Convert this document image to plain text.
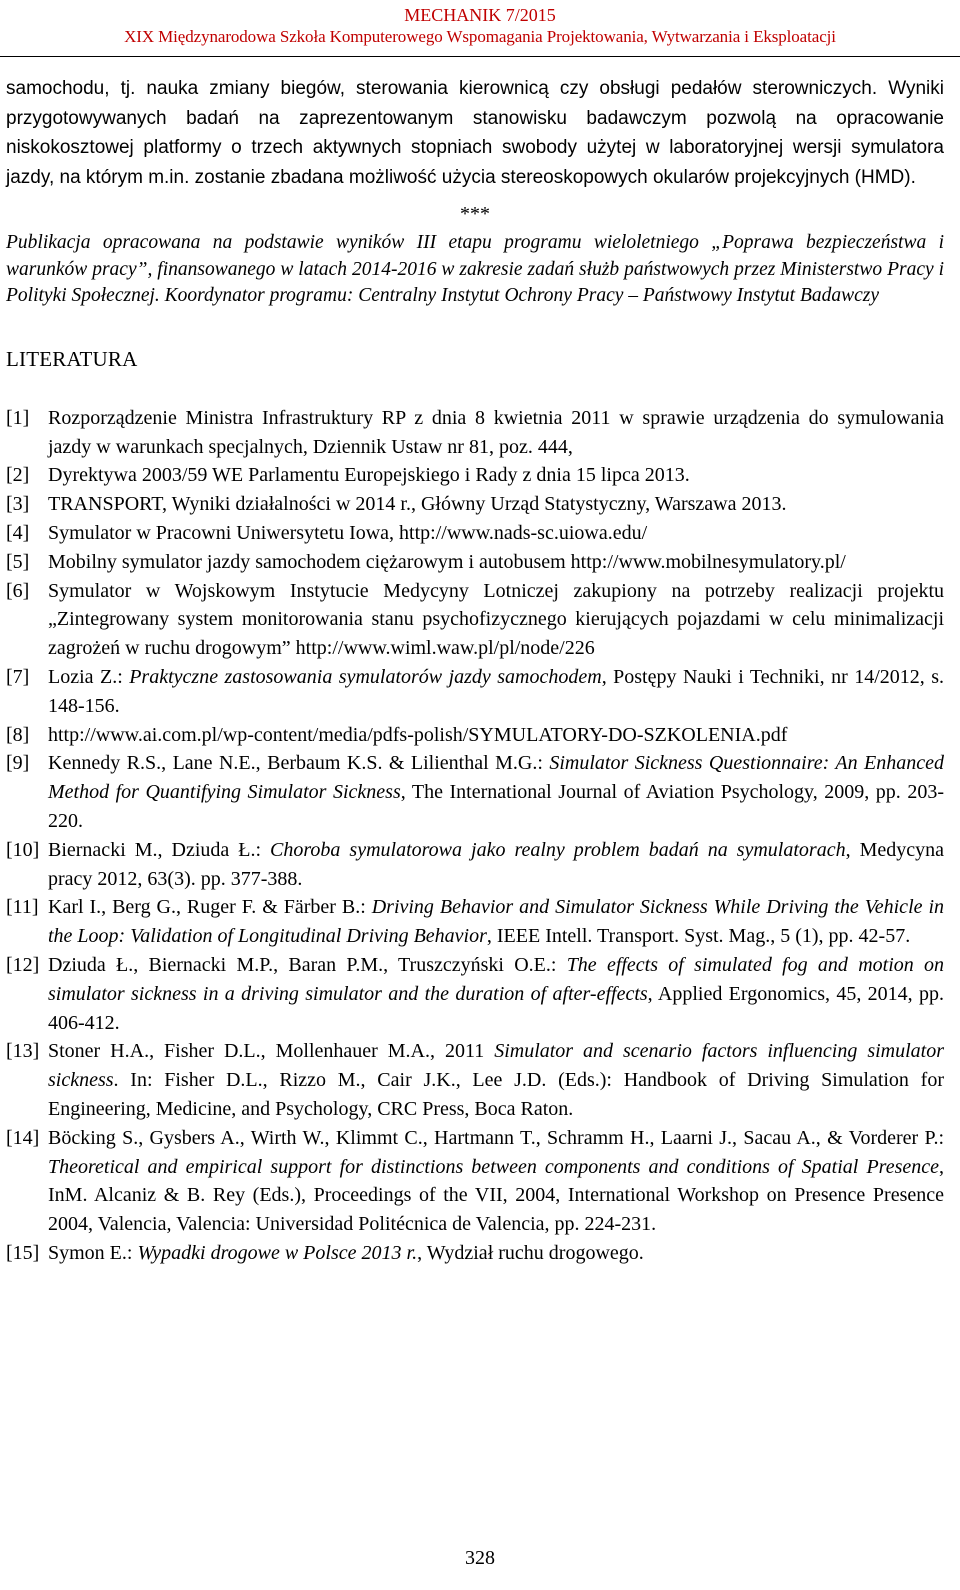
MECHANIK 7/2015
XIX Międzynarodowa Szkoła Komputerowego Wspomagania Projektowania, Wytwarzania i Eksploatacji

samochodu, tj. nauka zmiany biegów, sterowania kierownicą czy obsługi pedałów sterowniczych. Wyniki przygotowywanych badań na zaprezentowanym stanowisku badawczym pozwolą na opracowanie niskokosztowej platformy o trzech aktywnych stopniach swobody użytej w laboratoryjnej wersji symulatora jazdy, na którym m.in. zostanie zbadana możliwość użycia stereoskopowych okularów projekcyjnych (HMD).

***

Publikacja opracowana na podstawie wyników III etapu programu wieloletniego „Poprawa bezpieczeństwa i warunków pracy”, finansowanego w latach 2014-2016 w zakresie zadań służb państwowych przez Ministerstwo Pracy i Polityki Społecznej. Koordynator programu: Centralny Instytut Ochrony Pracy – Państwowy Instytut Badawczy

LITERATURA
[1] Rozporządzenie Ministra Infrastruktury RP z dnia 8 kwietnia 2011 w sprawie urządzenia do symulowania jazdy w warunkach specjalnych, Dziennik Ustaw nr 81, poz. 444,
[2] Dyrektywa 2003/59 WE Parlamentu Europejskiego i Rady z dnia 15 lipca 2013.
[3] TRANSPORT, Wyniki działalności w 2014 r., Główny Urząd Statystyczny, Warszawa 2013.
[4] Symulator w Pracowni Uniwersytetu Iowa, http://www.nads-sc.uiowa.edu/
[5] Mobilny symulator jazdy samochodem ciężarowym i autobusem http://www.mobilnesymulatory.pl/
[6] Symulator w Wojskowym Instytucie Medycyny Lotniczej zakupiony na potrzeby realizacji projektu „Zintegrowany system monitorowania stanu psychofizycznego kierujących pojazdami w celu minimalizacji zagrożeń w ruchu drogowym” http://www.wiml.waw.pl/pl/node/226
[7] Lozia Z.: Praktyczne zastosowania symulatorów jazdy samochodem, Postępy Nauki i Techniki, nr 14/2012, s. 148-156.
[8] http://www.ai.com.pl/wp-content/media/pdfs-polish/SYMULATORY-DO-SZKOLENIA.pdf
[9] Kennedy R.S., Lane N.E., Berbaum K.S. & Lilienthal M.G.: Simulator Sickness Questionnaire: An Enhanced Method for Quantifying Simulator Sickness, The International Journal of Aviation Psychology, 2009, pp. 203-220.
[10] Biernacki M., Dziuda Ł.: Choroba symulatorowa jako realny problem badań na symulatorach, Medycyna pracy 2012, 63(3). pp. 377-388.
[11] Karl I., Berg G., Ruger F. & Färber B.: Driving Behavior and Simulator Sickness While Driving the Vehicle in the Loop: Validation of Longitudinal Driving Behavior, IEEE Intell. Transport. Syst. Mag., 5 (1), pp. 42-57.
[12] Dziuda Ł., Biernacki M.P., Baran P.M., Truszczyński O.E.: The effects of simulated fog and motion on simulator sickness in a driving simulator and the duration of after-effects, Applied Ergonomics, 45, 2014, pp. 406-412.
[13] Stoner H.A., Fisher D.L., Mollenhauer M.A., 2011 Simulator and scenario factors influencing simulator sickness. In: Fisher D.L., Rizzo M., Cair J.K., Lee J.D. (Eds.): Handbook of Driving Simulation for Engineering, Medicine, and Psychology, CRC Press, Boca Raton.
[14] Böcking S., Gysbers A., Wirth W., Klimmt C., Hartmann T., Schramm H., Laarni J., Sacau A., & Vorderer P.: Theoretical and empirical support for distinctions between components and conditions of Spatial Presence, InM. Alcaniz & B. Rey (Eds.), Proceedings of the VII, 2004, International Workshop on Presence Presence 2004, Valencia, Valencia: Universidad Politécnica de Valencia, pp. 224-231.
[15] Symon E.: Wypadki drogowe w Polsce 2013 r., Wydział ruchu drogowego.
328
